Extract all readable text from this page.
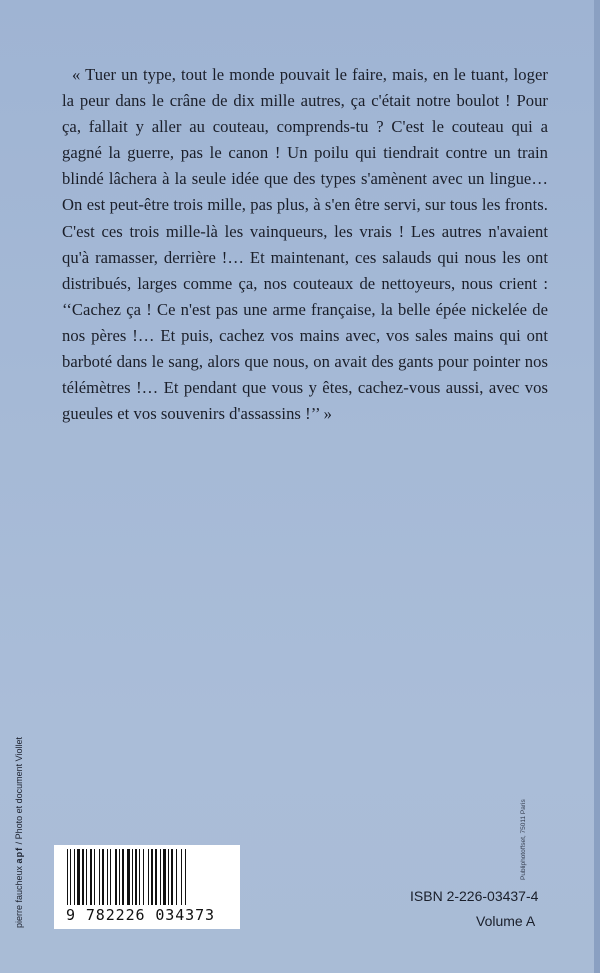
« Tuer un type, tout le monde pouvait le faire, mais, en le tuant, loger la peur dans le crâne de dix mille autres, ça c'était notre boulot ! Pour ça, fallait y aller au couteau, comprends-tu ? C'est le couteau qui a gagné la guerre, pas le canon ! Un poilu qui tiendrait contre un train blindé lâchera à la seule idée que des types s'amènent avec un lingue… On est peut-être trois mille, pas plus, à s'en être servi, sur tous les fronts. C'est ces trois mille-là les vainqueurs, les vrais ! Les autres n'avaient qu'à ramasser, derrière !… Et maintenant, ces salauds qui nous les ont distribués, larges comme ça, nos couteaux de nettoyeurs, nous crient : ‘‘Cachez ça ! Ce n'est pas une arme française, la belle épée nickelée de nos pères !… Et puis, cachez vos mains avec, vos sales mains qui ont barboté dans le sang, alors que nous, on avait des gants pour pointer nos télémètres !… Et pendant que vous y êtes, cachez-vous aussi, avec vos gueules et vos souvenirs d'assassins !’’ »

pierre faucheux apf / Photo et document Viollet
Publiphotoffset, 75011 Paris
9 782226 034373
ISBN 2-226-03437-4
Volume A
